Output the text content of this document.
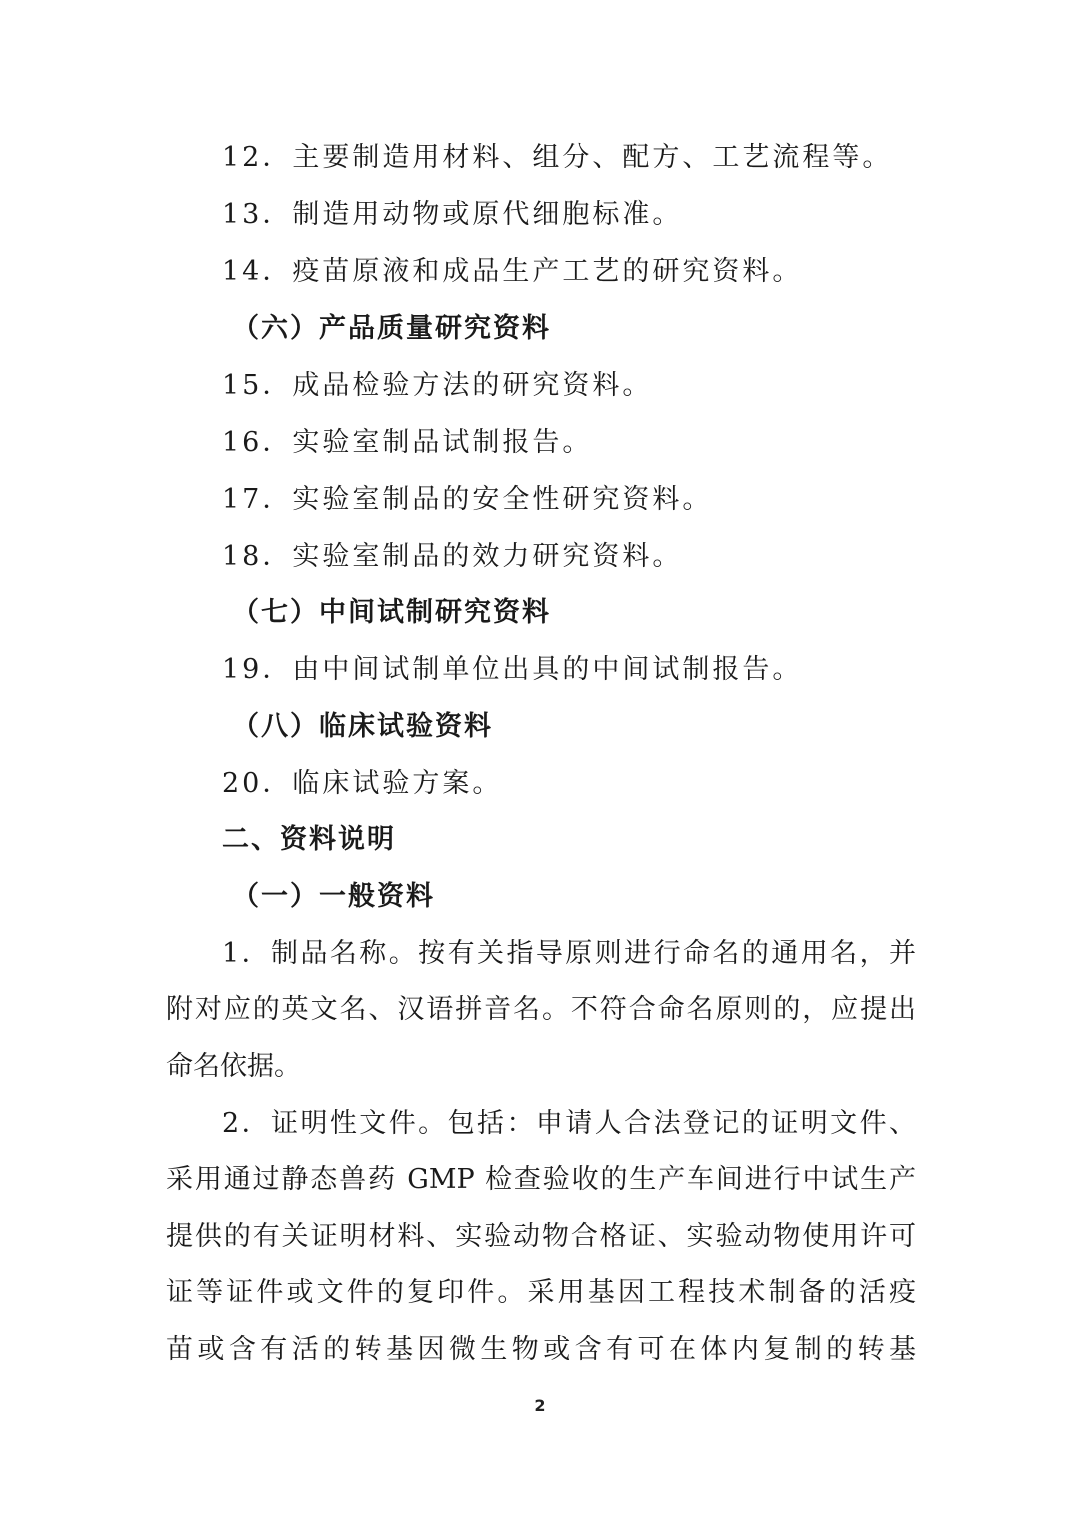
12．主要制造用材料、组分、配方、工艺流程等。
13．制造用动物或原代细胞标准。
14．疫苗原液和成品生产工艺的研究资料。
（六）产品质量研究资料
15．成品检验方法的研究资料。
16．实验室制品试制报告。
17．实验室制品的安全性研究资料。
18．实验室制品的效力研究资料。
（七）中间试制研究资料
19．由中间试制单位出具的中间试制报告。
（八）临床试验资料
20．临床试验方案。
二、资料说明
（一）一般资料
1．制品名称。按有关指导原则进行命名的通用名，并
附对应的英文名、汉语拼音名。不符合命名原则的，应提出
命名依据。
2．证明性文件。包括：申请人合法登记的证明文件、
采用通过静态兽药 GMP 检查验收的生产车间进行中试生产
提供的有关证明材料、实验动物合格证、实验动物使用许可
证等证件或文件的复印件。采用基因工程技术制备的活疫
苗或含有活的转基因微生物或含有可在体内复制的转基
2
